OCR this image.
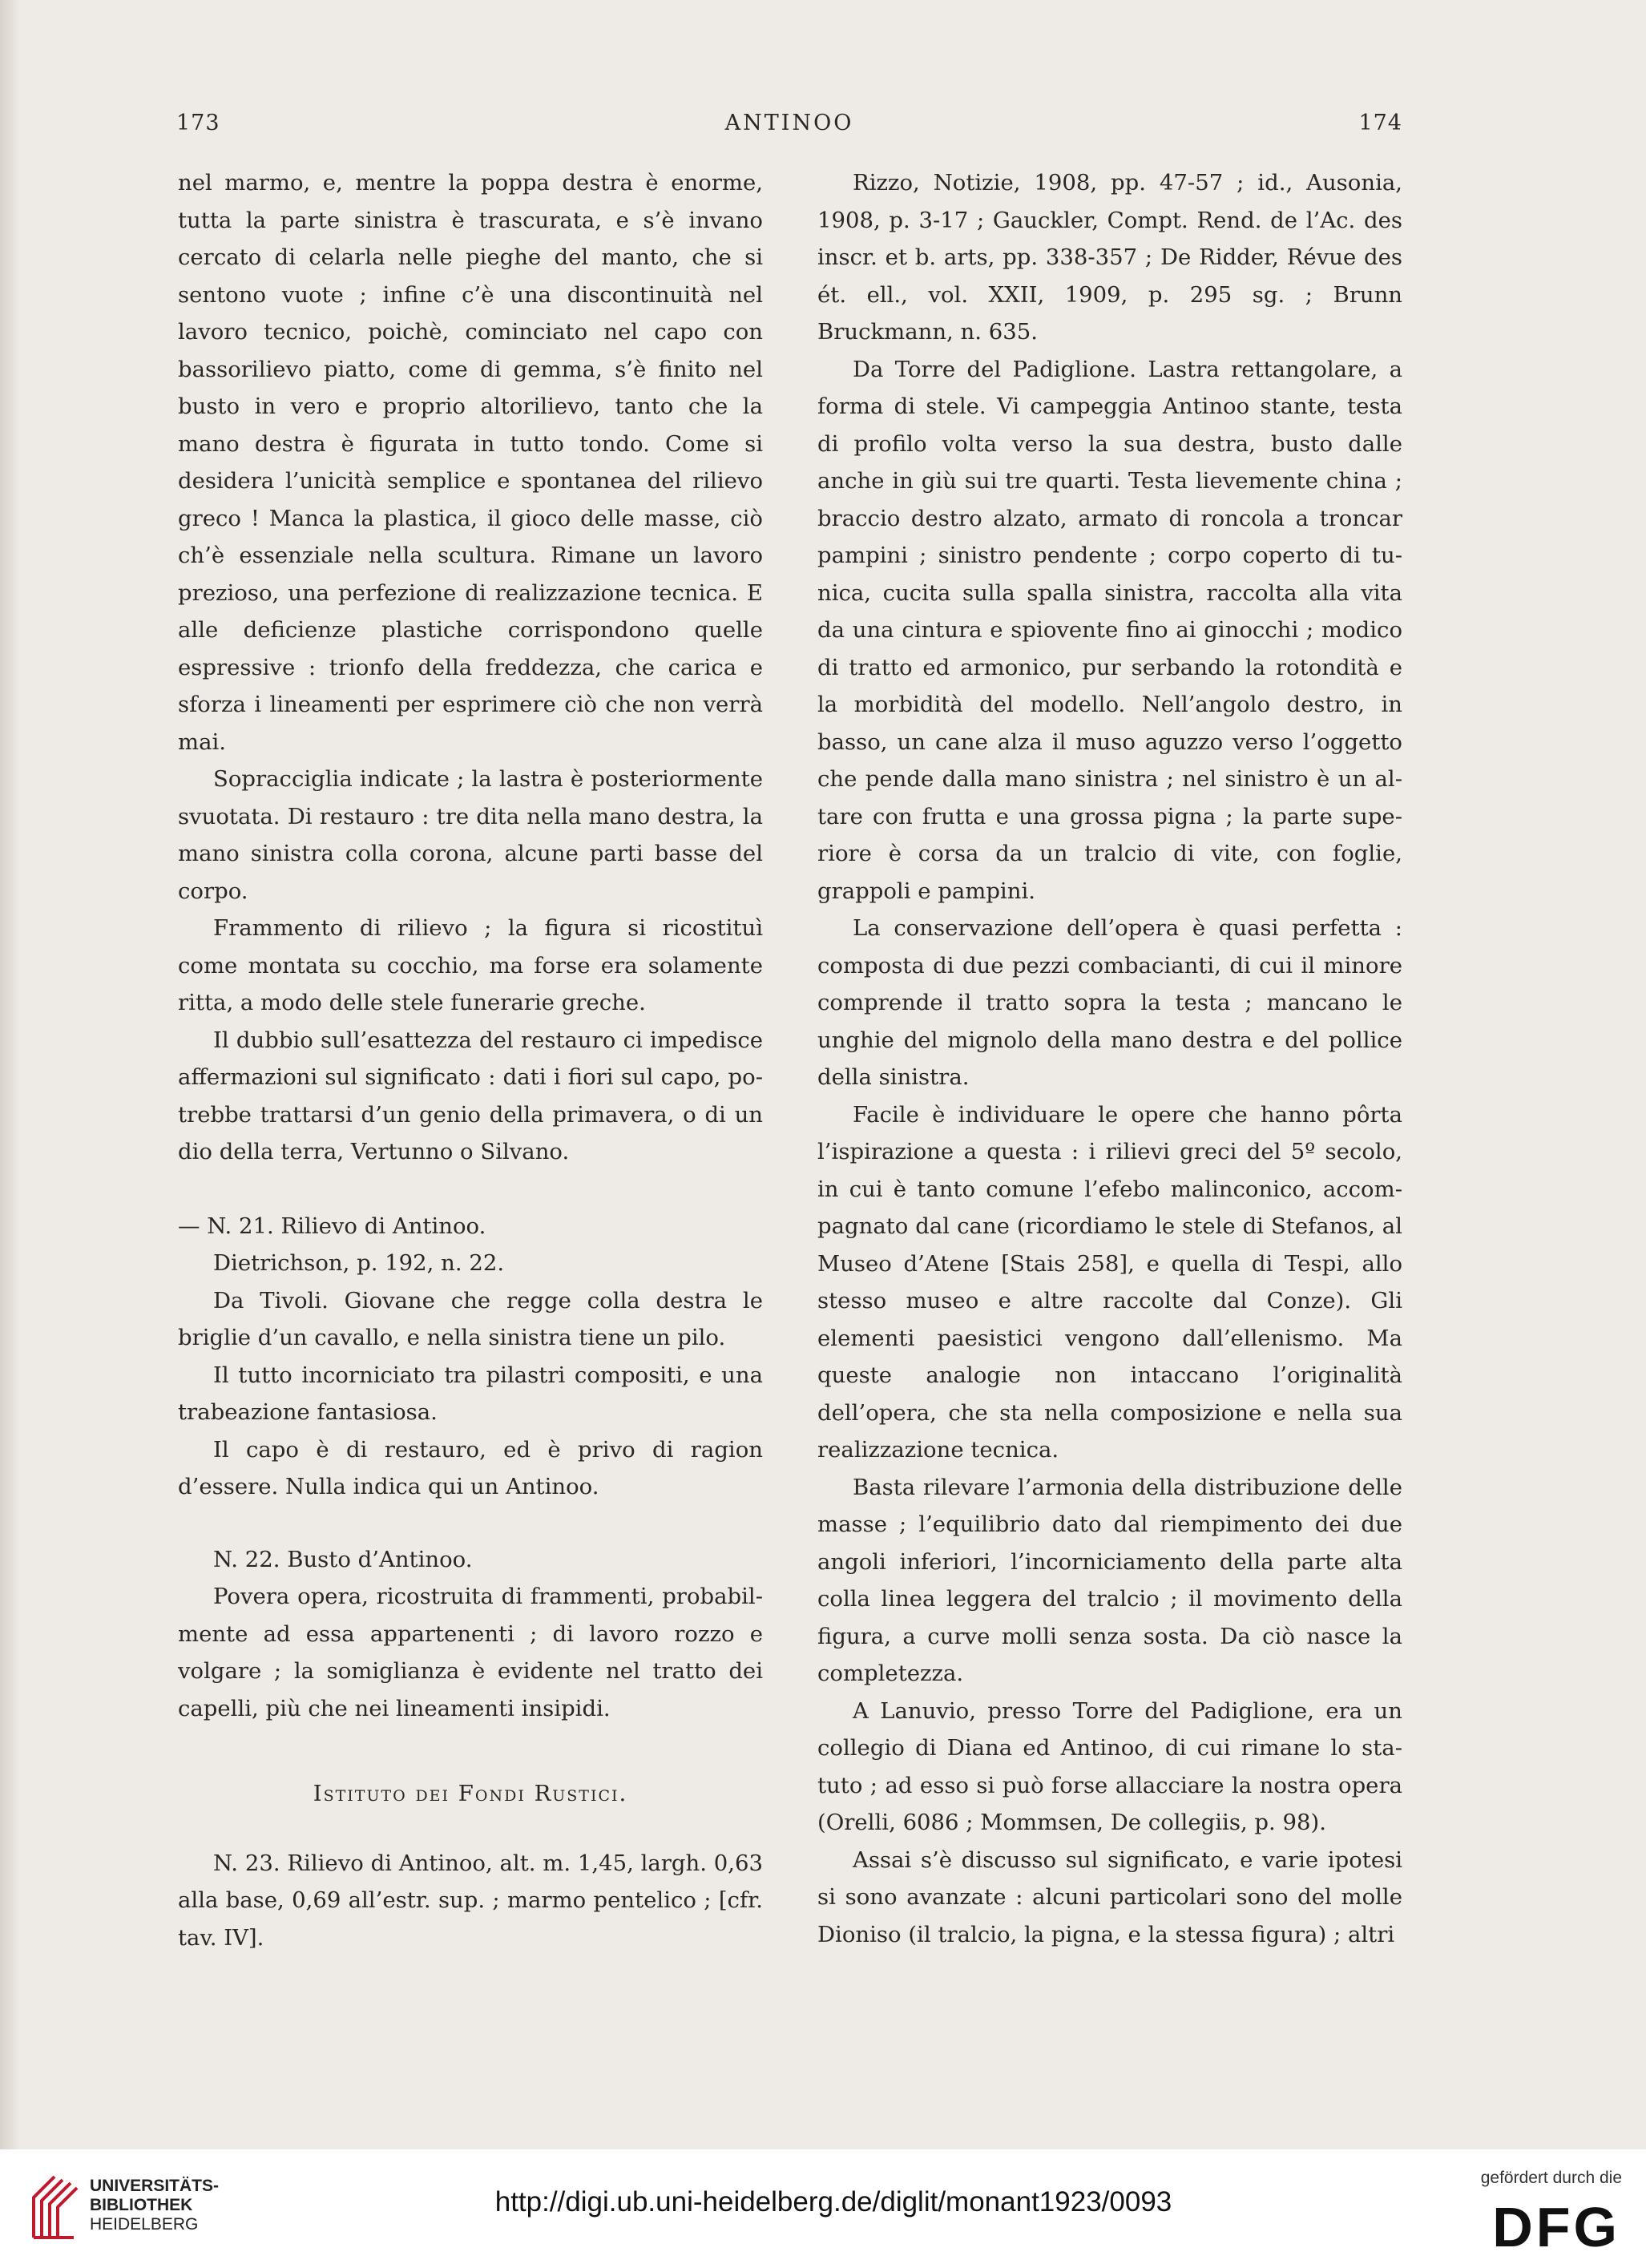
173	ANTINOO	174

nel marmo, e, mentre la poppa destra è enorme, tutta la parte sinistra è trascurata, e s’è invano cercato di celarla nelle pieghe del manto, che si sentono vuote ; infine c’è una discontinuità nel lavoro tecnico, poichè, cominciato nel capo con bassorilievo piatto, come di gemma, s’è finito nel busto in vero e proprio altorilievo, tanto che la mano destra è figurata in tutto tondo. Come si desidera l’unicità semplice e spontanea del rilievo greco ! Manca la plastica, il gioco delle masse, ciò ch’è essenziale nella scultura. Rimane un lavoro prezioso, una perfezione di realizzazione tecnica. E alle deficienze plastiche corrispondono quelle espressive : trionfo della freddezza, che carica e sforza i lineamenti per esprimere ciò che non verrà mai.

Sopracciglia indicate ; la lastra è posteriormente svuotata. Di restauro : tre dita nella mano destra, la mano sinistra colla corona, alcune parti basse del corpo.

Frammento di rilievo ; la figura si ricostituì come montata su cocchio, ma forse era solamente ritta, a modo delle stele funerarie greche.

Il dubbio sull’esattezza del restauro ci impedisce affermazioni sul significato : dati i fiori sul capo, potrebbe trattarsi d’un genio della primavera, o di un dio della terra, Vertunno o Silvano.

— N. 21. Rilievo di Antinoo.

Dietrichson, p. 192, n. 22.

Da Tivoli. Giovane che regge colla destra le briglie d’un cavallo, e nella sinistra tiene un pilo.

Il tutto incorniciato tra pilastri compositi, e una trabeazione fantasiosa.

Il capo è di restauro, ed è privo di ragion d’essere. Nulla indica qui un Antinoo.

N. 22. Busto d’Antinoo.

Povera opera, ricostruita di frammenti, probabilmente ad essa appartenenti ; di lavoro rozzo e volgare ; la somiglianza è evidente nel tratto dei capelli, più che nei lineamenti insipidi.

Istituto dei Fondi Rustici.

N. 23. Rilievo di Antinoo, alt. m. 1,45, largh. 0,63 alla base, 0,69 all’estr. sup. ; marmo pentelico ; [cfr. tav. IV].

Rizzo, Notizie, 1908, pp. 47-57 ; id., Ausonia, 1908, p. 3-17 ; Gauckler, Compt. Rend. de l’Ac. des inscr. et b. arts, pp. 338-357 ; De Ridder, Révue des ét. ell., vol. XXII, 1909, p. 295 sg. ; Brunn Bruckmann, n. 635.

Da Torre del Padiglione. Lastra rettangolare, a forma di stele. Vi campeggia Antinoo stante, testa di profilo volta verso la sua destra, busto dalle anche in giù sui tre quarti. Testa lievemente china ; braccio destro alzato, armato di roncola a troncar pampini ; sinistro pendente ; corpo coperto di tunica, cucita sulla spalla sinistra, raccolta alla vita da una cintura e spiovente fino ai ginocchi ; modico di tratto ed armonico, pur serbando la rotondità e la morbidità del modello. Nell’angolo destro, in basso, un cane alza il muso aguzzo verso l’oggetto che pende dalla mano sinistra ; nel sinistro è un altare con frutta e una grossa pigna ; la parte superiore è corsa da un tralcio di vite, con foglie, grappoli e pampini.

La conservazione dell’opera è quasi perfetta : composta di due pezzi combacianti, di cui il minore comprende il tratto sopra la testa ; mancano le unghie del mignolo della mano destra e del pollice della sinistra.

Facile è individuare le opere che hanno pôrta l’ispirazione a questa : i rilievi greci del 5º secolo, in cui è tanto comune l’efebo malinconico, accompagnato dal cane (ricordiamo le stele di Stefanos, al Museo d’Atene [Stais 258], e quella di Tespi, allo stesso museo e altre raccolte dal Conze). Gli elementi paesistici vengono dall’ellenismo. Ma queste analogie non intaccano l’originalità dell’opera, che sta nella composizione e nella sua realizzazione tecnica.

Basta rilevare l’armonia della distribuzione delle masse ; l’equilibrio dato dal riempimento dei due angoli inferiori, l’incorniciamento della parte alta colla linea leggera del tralcio ; il movimento della figura, a curve molli senza sosta. Da ciò nasce la completezza.

A Lanuvio, presso Torre del Padiglione, era un collegio di Diana ed Antinoo, di cui rimane lo statuto ; ad esso si può forse allacciare la nostra opera (Orelli, 6086 ; Mommsen, De collegiis, p. 98).

Assai s’è discusso sul significato, e varie ipotesi si sono avanzate : alcuni particolari sono del molle Dioniso (il tralcio, la pigna, e la stessa figura) ; altri

UNIVERSITÄTS-
BIBLIOTHEK
HEIDELBERG
http://digi.ub.uni-heidelberg.de/diglit/monant1923/0093
gefördert durch die
DFG
